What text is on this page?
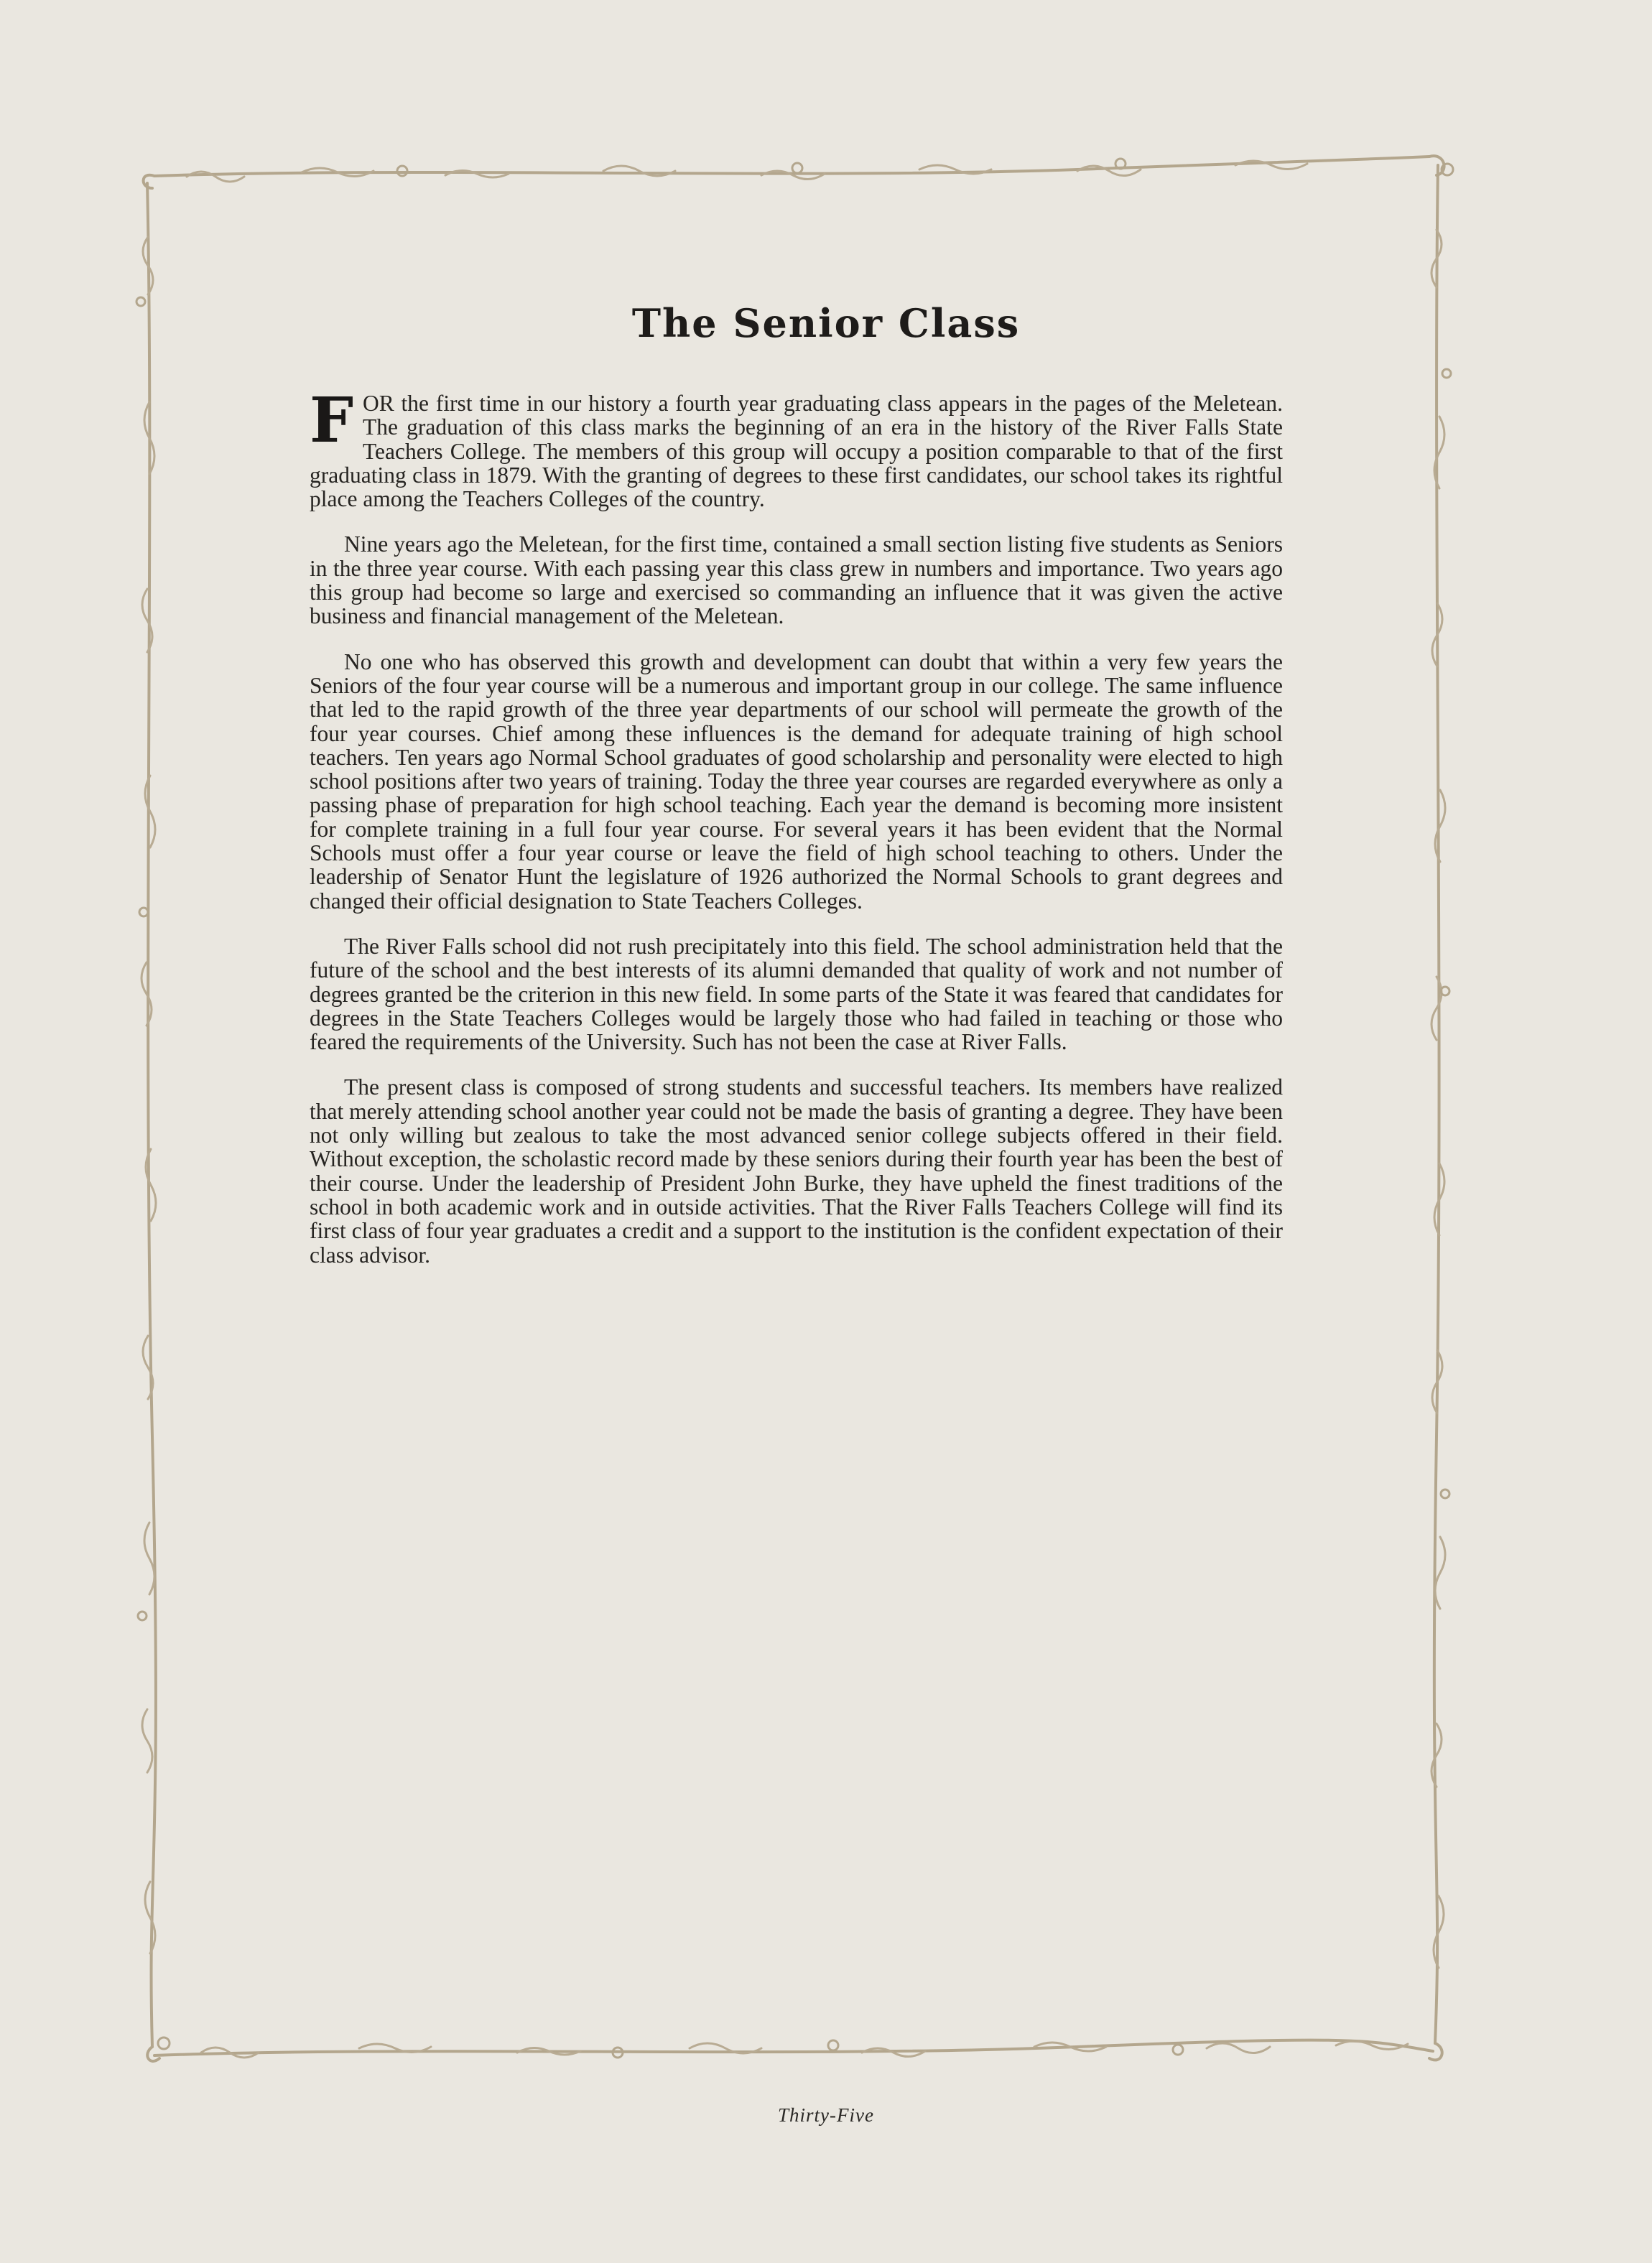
The Senior Class

FOR the first time in our history a fourth year graduating class appears in the pages of the Meletean. The graduation of this class marks the beginning of an era in the history of the River Falls State Teachers College. The members of this group will occupy a position comparable to that of the first graduating class in 1879. With the granting of degrees to these first candidates, our school takes its rightful place among the Teachers Colleges of the country.

Nine years ago the Meletean, for the first time, contained a small section listing five students as Seniors in the three year course. With each passing year this class grew in numbers and importance. Two years ago this group had become so large and exercised so commanding an influence that it was given the active business and financial management of the Meletean.

No one who has observed this growth and development can doubt that within a very few years the Seniors of the four year course will be a numerous and important group in our college. The same influence that led to the rapid growth of the three year departments of our school will permeate the growth of the four year courses. Chief among these influences is the demand for adequate training of high school teachers. Ten years ago Normal School graduates of good scholarship and personality were elected to high school positions after two years of training. Today the three year courses are regarded everywhere as only a passing phase of preparation for high school teaching. Each year the demand is becoming more insistent for complete training in a full four year course. For several years it has been evident that the Normal Schools must offer a four year course or leave the field of high school teaching to others. Under the leadership of Senator Hunt the legislature of 1926 authorized the Normal Schools to grant degrees and changed their official designation to State Teachers Colleges.

The River Falls school did not rush precipitately into this field. The school administration held that the future of the school and the best interests of its alumni demanded that quality of work and not number of degrees granted be the criterion in this new field. In some parts of the State it was feared that candidates for degrees in the State Teachers Colleges would be largely those who had failed in teaching or those who feared the requirements of the University. Such has not been the case at River Falls.

The present class is composed of strong students and successful teachers. Its members have realized that merely attending school another year could not be made the basis of granting a degree. They have been not only willing but zealous to take the most advanced senior college subjects offered in their field. Without exception, the scholastic record made by these seniors during their fourth year has been the best of their course. Under the leadership of President John Burke, they have upheld the finest traditions of the school in both academic work and in outside activities. That the River Falls Teachers College will find its first class of four year graduates a credit and a support to the institution is the confident expectation of their class advisor.

Thirty-Five
